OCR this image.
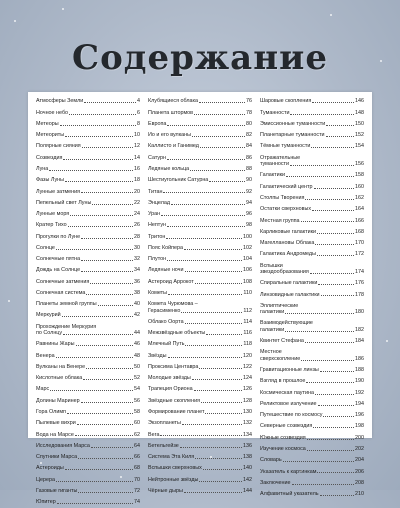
Содержание
Атмосферы Земли	4
Ночное небо	6
Метеоры	8
Метеориты	10
Полярные сияния	12
Созвездия	14
Луна	16
Фазы Луны	18
Лунные затмения	20
Пепельный свет Луны	22
Лунные моря	24
Кратер Тихо	26
Прогулки по Луне	28
Солнце	30
Солнечные пятна	32
Дождь на Солнце	34
Солнечные затмения	36
Солнечная система	38
Планеты земной группы	40
Меркурий	42
Прохождение Меркурия
по Солнцу	44
Равнины Жары	46
Венера	48
Вулканы на Венере	50
Кислотные облака	52
Марс	54
Долины Маринер	56
Гора Олимп	58
Пылевые вихри	60
Вода на Марсе	62
Исследования Марса	64
Спутники Марса	66
Астероиды	68
Церера	70
Газовые гиганты	72
Юпитер	74
Клубящиеся облака	76
Планета штормов	78
Европа	80
Ио и его вулканы	82
Каллисто и Ганимед	84
Сатурн	86
Ледяные кольца	88
Шестиугольник Сатурна	90
Титан	92
Энцелад	94
Уран	96
Нептун	98
Тритон	100
Пояс Койпера	102
Плутон	104
Ледяные ночи	106
Астероид Аррокот	108
Кометы	110
Комета Чурюмова –
Герасименко	112
Облако Оорта	114
Межзвёздные объекты	116
Млечный Путь	118
Звёзды	120
Проксима Центавра	122
Молодые звёзды	124
Трапеция Ориона	126
Звёздные скопления	128
Формирование планет	130
Экзопланеты	132
Вега	134
Бетельгейзе	136
Система Эта Киля	138
Вспышки сверхновых	140
Нейтронные звёзды	142
Чёрные дыры	144
Шаровые скопления	146
Туманности	148
Эмиссионные туманности	150
Планетарные туманности	152
Тёмные туманности	154
Отражательные
туманности	156
Галактики	158
Галактический центр	160
Столпы Творения	162
Остатки сверхновых	164
Местная группа	166
Карликовые галактики	168
Магеллановы Облака	170
Галактика Андромеды	172
Вспышки
звездообразования	174
Спиральные галактики	176
Линзовидные галактики	178
Эллиптические
галактики	180
Взаимодействующие
галактики	182
Квинтет Стефана	184
Местное
сверхскопление	186
Гравитационные линзы	188
Взгляд в прошлое	190
Космическая паутина	192
Реликтовое излучение	194
Путешествие по космосу	196
Северные созвездия	198
Южные созвездия	200
Изучение космоса	202
Словарь	204
Указатель к картинкам	206
Заключение	208
Алфавитный указатель	210
